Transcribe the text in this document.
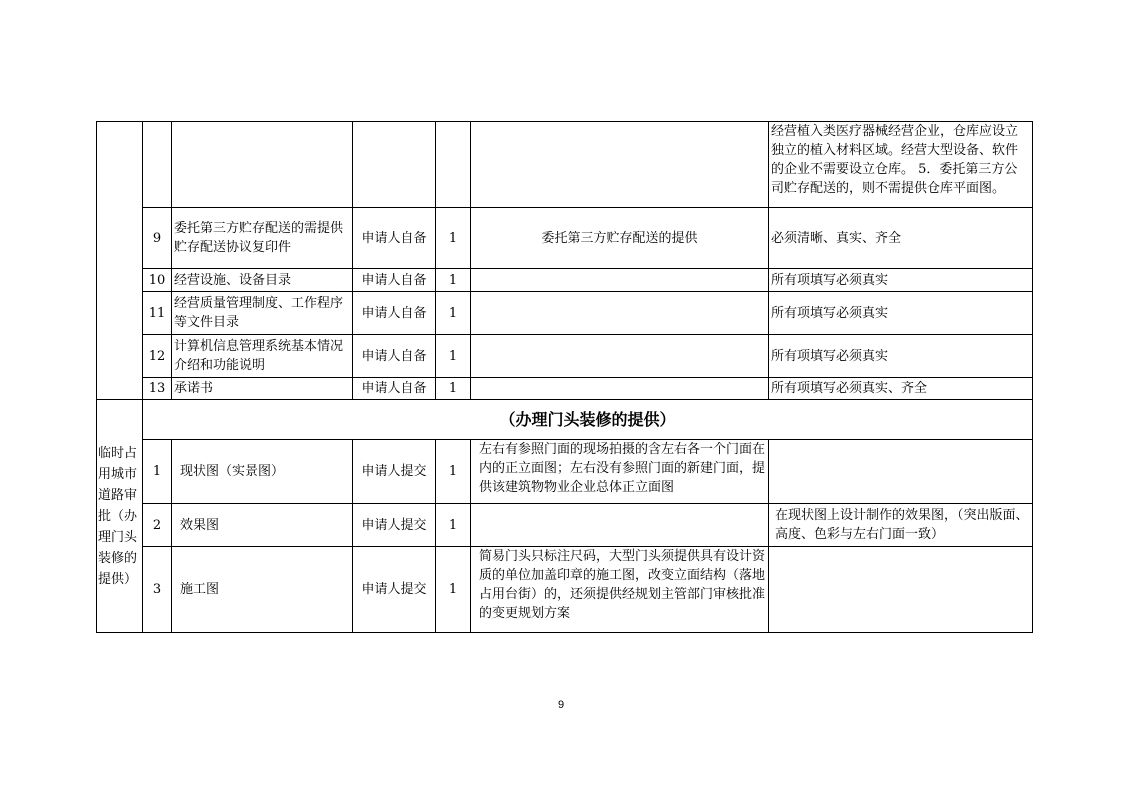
						经营植入类医疗器械经营企业，仓库应设立独立的植入材料区域。经营大型设备、软件的企业不需要设立仓库。 5．委托第三方公司贮存配送的，则不需提供仓库平面图。
	9	委托第三方贮存配送的需提供贮存配送协议复印件	申请人自备	1	委托第三方贮存配送的提供	必须清晰、真实、齐全
	10	经营设施、设备目录	申请人自备	1		所有项填写必须真实
	11	经营质量管理制度、工作程序等文件目录	申请人自备	1		所有项填写必须真实
	12	计算机信息管理系统基本情况介绍和功能说明	申请人自备	1		所有项填写必须真实
	13	承诺书	申请人自备	1		所有项填写必须真实、齐全
临时占用城市道路审批（办理门头装修的提供）	（办理门头装修的提供）					
	1	现状图（实景图）	申请人提交	1	左右有参照门面的现场拍摄的含左右各一个门面在内的正立面图；左右没有参照门面的新建门面，提供该建筑物物业企业总体正立面图	
	2	效果图	申请人提交	1		在现状图上设计制作的效果图，（突出版面、高度、色彩与左右门面一致）
	3	施工图	申请人提交	1	简易门头只标注尺码，大型门头须提供具有设计资质的单位加盖印章的施工图，改变立面结构（落地占用台街）的，还须提供经规划主管部门审核批准的变更规划方案	
9
